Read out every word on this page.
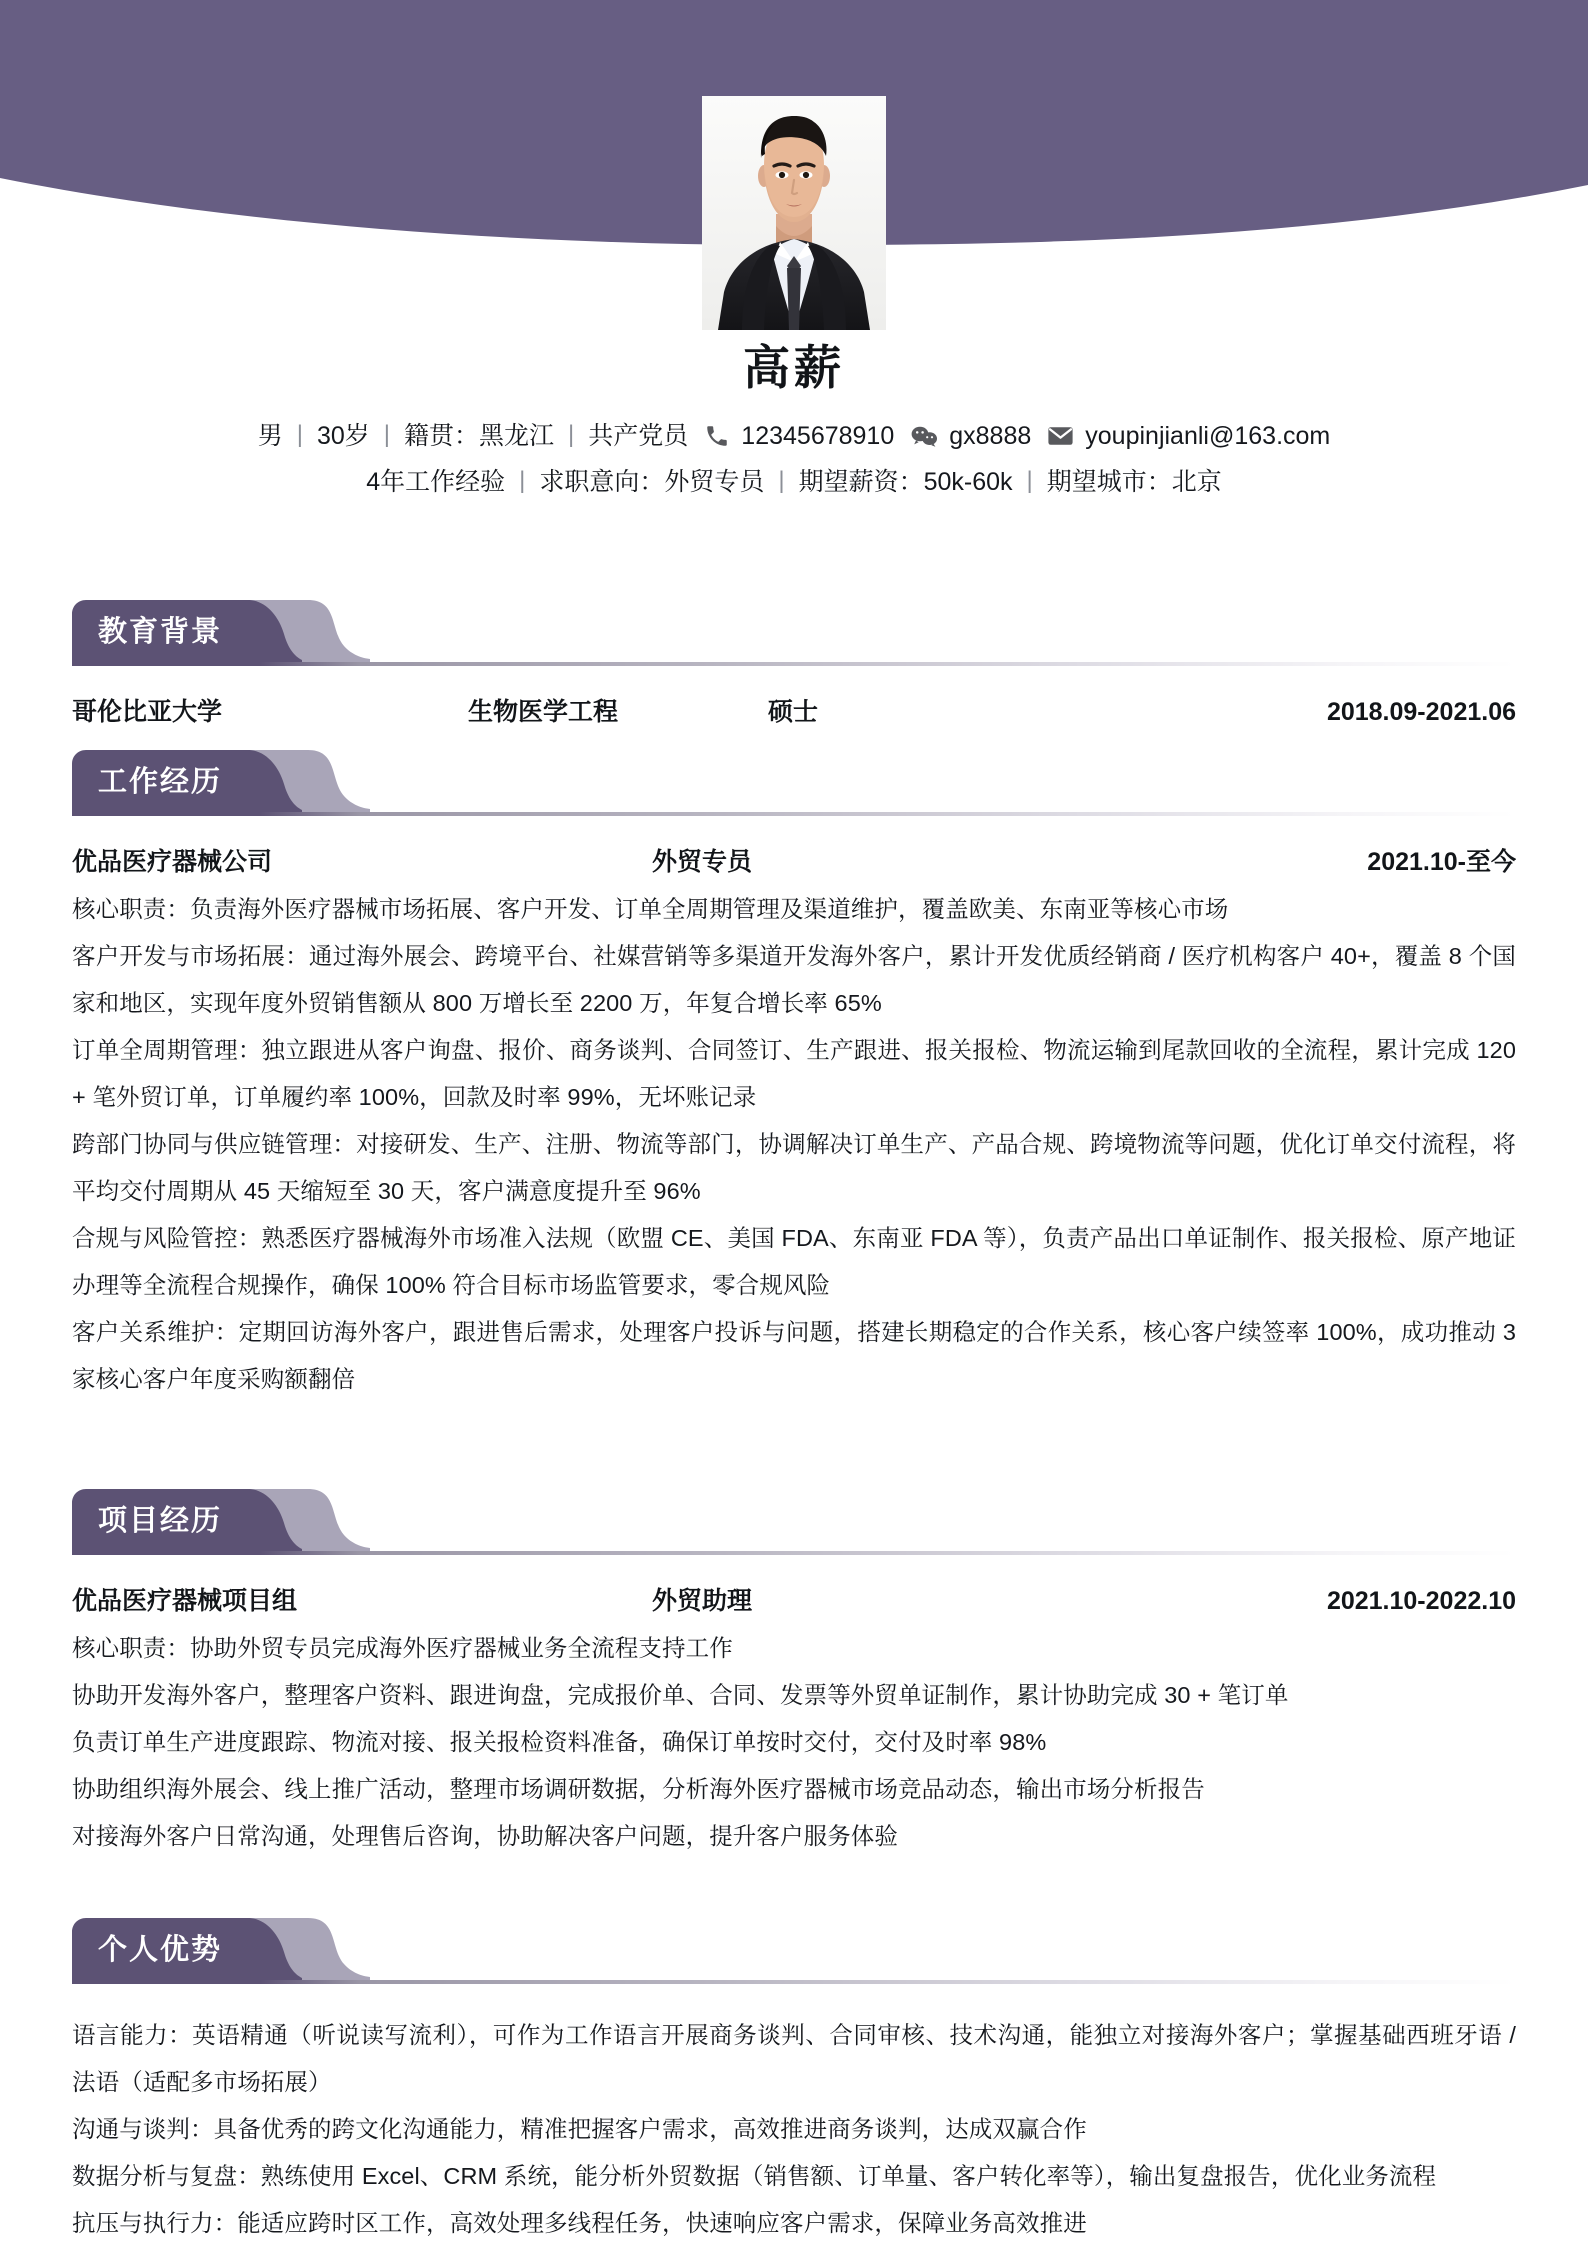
高薪
男 | 30岁 | 籍贯：黑龙江 | 共产党员 12345678910 gx8888 youpinjianli@163.com
4年工作经验 | 求职意向：外贸专员 | 期望薪资：50k-60k | 期望城市：北京
教育背景
哥伦比亚大学	生物医学工程	硕士	2018.09-2021.06
工作经历
优品医疗器械公司	外贸专员	2021.10-至今
核心职责：负责海外医疗器械市场拓展、客户开发、订单全周期管理及渠道维护，覆盖欧美、东南亚等核心市场
客户开发与市场拓展：通过海外展会、跨境平台、社媒营销等多渠道开发海外客户，累计开发优质经销商 / 医疗机构客户 40+，覆盖 8 个国家和地区，实现年度外贸销售额从 800 万增长至 2200 万，年复合增长率 65%
订单全周期管理：独立跟进从客户询盘、报价、商务谈判、合同签订、生产跟进、报关报检、物流运输到尾款回收的全流程，累计完成 120 + 笔外贸订单，订单履约率 100%，回款及时率 99%，无坏账记录
跨部门协同与供应链管理：对接研发、生产、注册、物流等部门，协调解决订单生产、产品合规、跨境物流等问题，优化订单交付流程，将平均交付周期从 45 天缩短至 30 天，客户满意度提升至 96%
合规与风险管控：熟悉医疗器械海外市场准入法规（欧盟 CE、美国 FDA、东南亚 FDA 等），负责产品出口单证制作、报关报检、原产地证办理等全流程合规操作，确保 100% 符合目标市场监管要求，零合规风险
客户关系维护：定期回访海外客户，跟进售后需求，处理客户投诉与问题，搭建长期稳定的合作关系，核心客户续签率 100%，成功推动 3 家核心客户年度采购额翻倍
项目经历
优品医疗器械项目组	外贸助理	2021.10-2022.10
核心职责：协助外贸专员完成海外医疗器械业务全流程支持工作
协助开发海外客户，整理客户资料、跟进询盘，完成报价单、合同、发票等外贸单证制作，累计协助完成 30 + 笔订单
负责订单生产进度跟踪、物流对接、报关报检资料准备，确保订单按时交付，交付及时率 98%
协助组织海外展会、线上推广活动，整理市场调研数据，分析海外医疗器械市场竞品动态，输出市场分析报告
对接海外客户日常沟通，处理售后咨询，协助解决客户问题，提升客户服务体验
个人优势
语言能力：英语精通（听说读写流利），可作为工作语言开展商务谈判、合同审核、技术沟通，能独立对接海外客户；掌握基础西班牙语 / 法语（适配多市场拓展）
沟通与谈判：具备优秀的跨文化沟通能力，精准把握客户需求，高效推进商务谈判，达成双赢合作
数据分析与复盘：熟练使用 Excel、CRM 系统，能分析外贸数据（销售额、订单量、客户转化率等），输出复盘报告，优化业务流程
抗压与执行力：能适应跨时区工作，高效处理多线程任务，快速响应客户需求，保障业务高效推进
